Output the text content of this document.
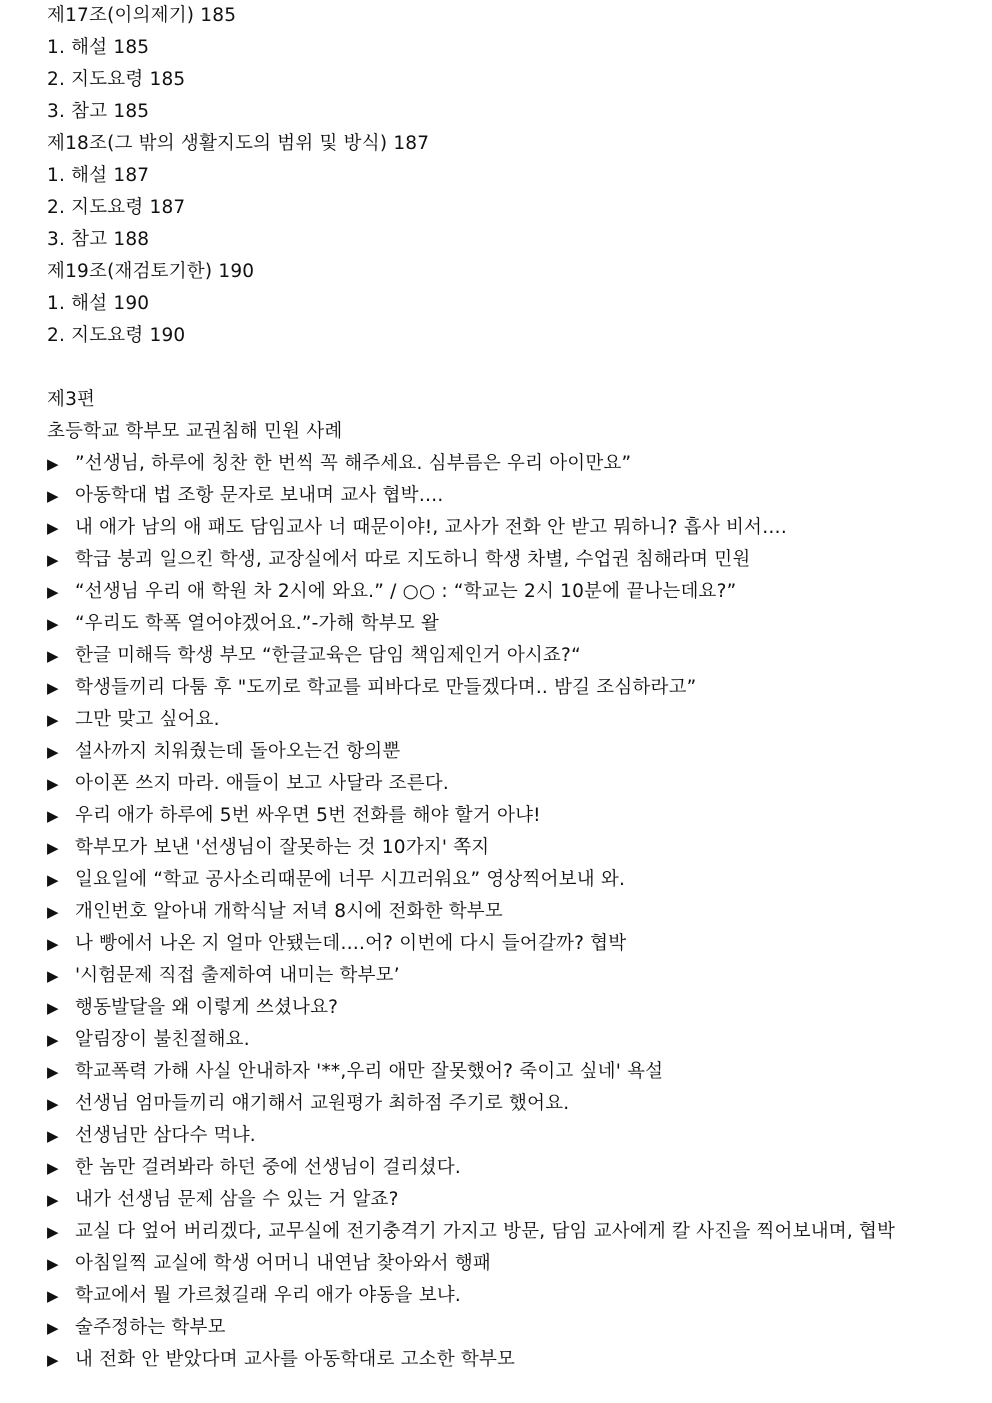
제17조(이의제기) 185
1. 해설 185
2. 지도요령 185
3. 참고 185
제18조(그 밖의 생활지도의 범위 및 방식) 187
1. 해설 187
2. 지도요령 187
3. 참고 188
제19조(재검토기한) 190
1. 해설 190
2. 지도요령 190
제3편
초등학교 학부모 교권침해 민원 사례
▶ ”선생님, 하루에 칭찬 한 번씩 꼭 해주세요. 심부름은 우리 아이만요”
▶ 아동학대 법 조항 문자로 보내며 교사 협박….
▶ 내 애가 남의 애 패도 담임교사 너 때문이야!, 교사가 전화 안 받고 뭐하니? 흡사 비서….
▶ 학급 붕괴 일으킨 학생, 교장실에서 따로 지도하니 학생 차별, 수업권 침해라며 민원
▶ “선생님 우리 애 학원 차 2시에 와요.” / ○○ : “학교는 2시 10분에 끝나는데요?”
▶ “우리도 학폭 열어야겠어요.”-가해 학부모 왈
▶ 한글 미해득 학생 부모 “한글교육은 담임 책임제인거 아시죠?“
▶ 학생들끼리 다툼 후 "도끼로 학교를 피바다로 만들겠다며.. 밤길 조심하라고”
▶ 그만 맞고 싶어요.
▶ 설사까지 치워줬는데 돌아오는건 항의뿐
▶ 아이폰 쓰지 마라. 애들이 보고 사달라 조른다.
▶ 우리 애가 하루에 5번 싸우면 5번 전화를 해야 할거 아냐!
▶ 학부모가 보낸 '선생님이 잘못하는 것 10가지' 쪽지
▶ 일요일에 “학교 공사소리때문에 너무 시끄러워요” 영상찍어보내 와.
▶ 개인번호 알아내 개학식날 저녁 8시에 전화한 학부모
▶ 나 빵에서 나온 지 얼마 안됐는데….어? 이번에 다시 들어갈까? 협박
▶ '시험문제 직접 출제하여 내미는 학부모’
▶ 행동발달을 왜 이렇게 쓰셨나요?
▶ 알림장이 불친절해요.
▶ 학교폭력 가해 사실 안내하자 '**,우리 애만 잘못했어? 죽이고 싶네' 욕설
▶ 선생님 엄마들끼리 얘기해서 교원평가 최하점 주기로 했어요.
▶ 선생님만 삼다수 먹냐.
▶ 한 놈만 걸려봐라 하던 중에 선생님이 걸리셨다.
▶ 내가 선생님 문제 삼을 수 있는 거 알죠?
▶ 교실 다 엎어 버리겠다, 교무실에 전기충격기 가지고 방문, 담임 교사에게 칼 사진을 찍어보내며, 협박
▶ 아침일찍 교실에 학생 어머니 내연남 찾아와서 행패
▶ 학교에서 뭘 가르쳤길래 우리 애가 야동을 보냐.
▶ 술주정하는 학부모
▶ 내 전화 안 받았다며 교사를 아동학대로 고소한 학부모
